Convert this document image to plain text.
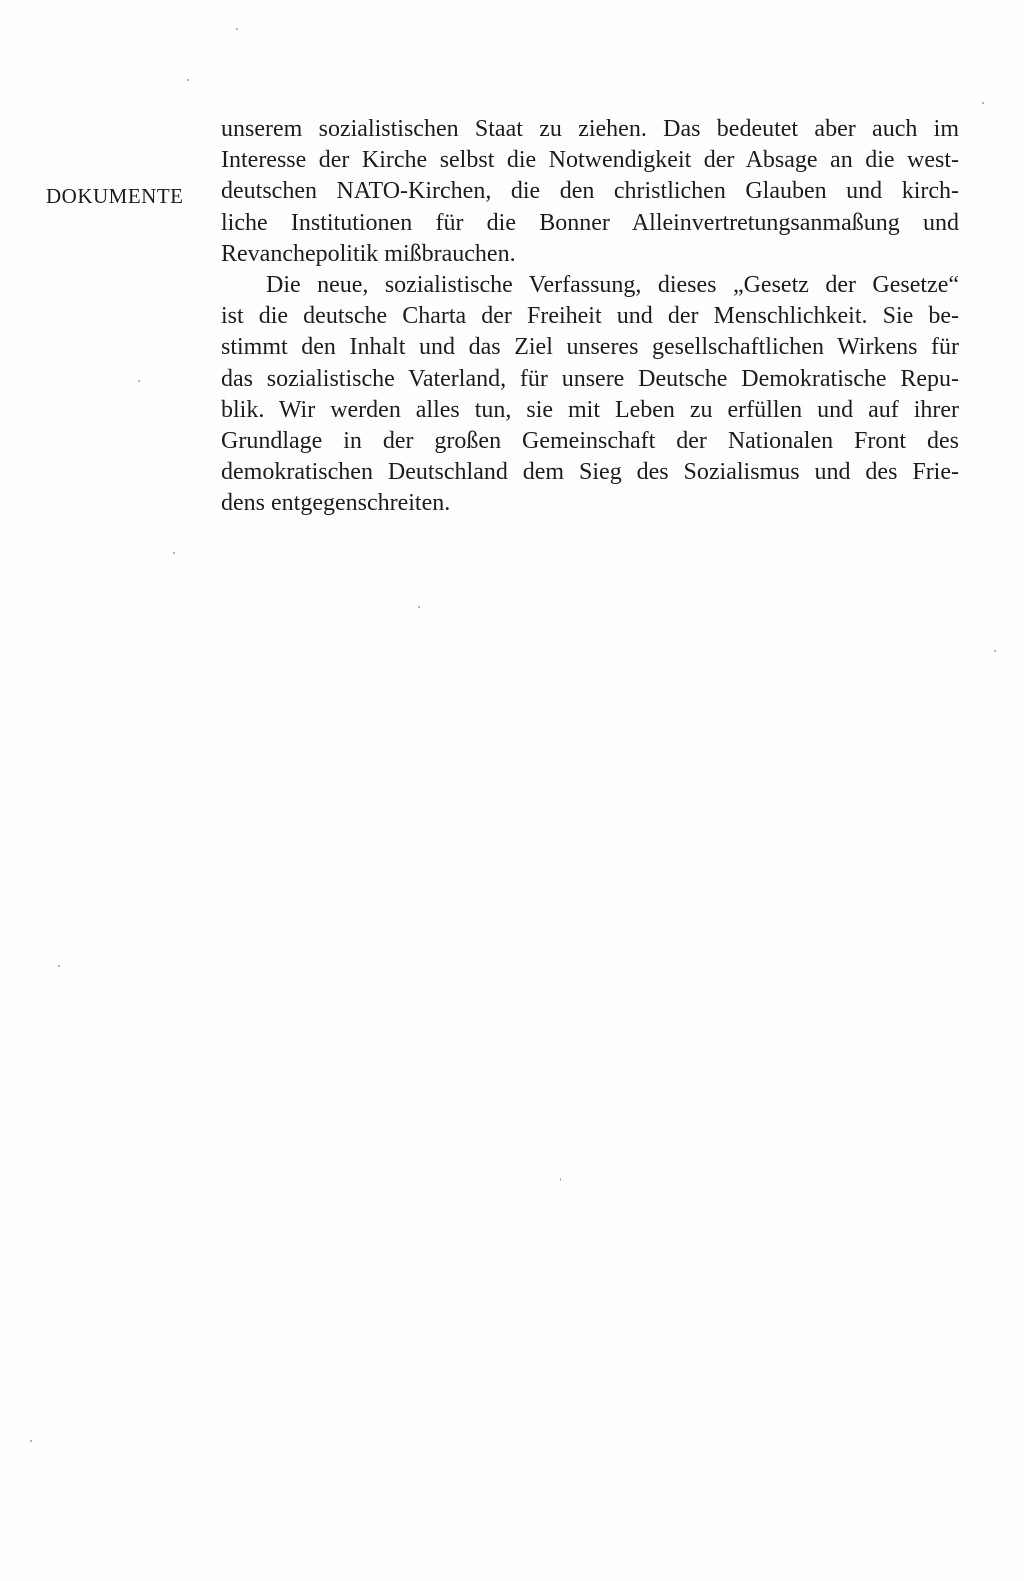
DOKUMENTE
unserem sozialistischen Staat zu ziehen. Das bedeutet aber auch im
Interesse der Kirche selbst die Notwendigkeit der Absage an die west-
deutschen NATO-Kirchen, die den christlichen Glauben und kirch-
liche Institutionen für die Bonner Alleinvertretungsanmaßung und
Revanchepolitik mißbrauchen.
Die neue, sozialistische Verfassung, dieses „Gesetz der Gesetze“
ist die deutsche Charta der Freiheit und der Menschlichkeit. Sie be-
stimmt den Inhalt und das Ziel unseres gesellschaftlichen Wirkens für
das sozialistische Vaterland, für unsere Deutsche Demokratische Repu-
blik. Wir werden alles tun, sie mit Leben zu erfüllen und auf ihrer
Grundlage in der großen Gemeinschaft der Nationalen Front des
demokratischen Deutschland dem Sieg des Sozialismus und des Frie-
dens entgegenschreiten.
